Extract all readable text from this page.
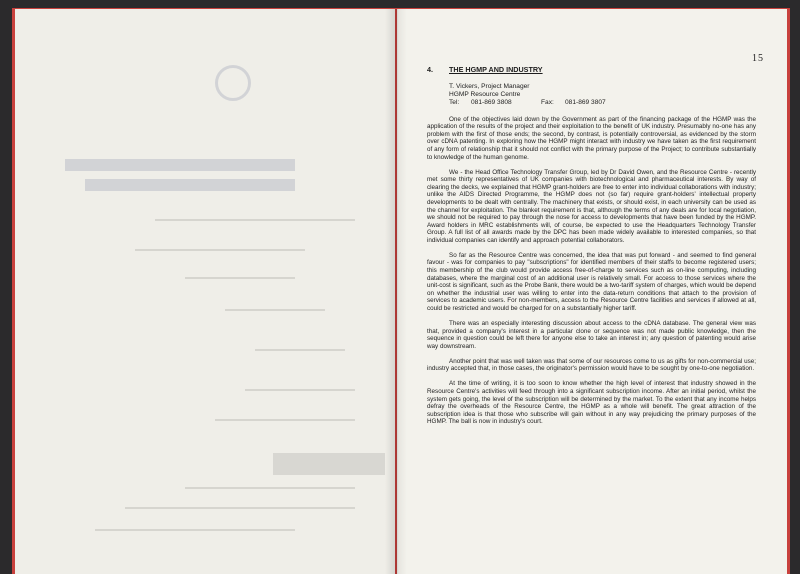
15
4.	THE HGMP AND INDUSTRY
T. Vickers, Project Manager
HGMP Resource Centre
Tel: 081-869 3808	Fax: 081-869 3807

One of the objectives laid down by the Government as part of the financing package of the HGMP was the application of the results of the project and their exploitation to the benefit of UK industry. Presumably no-one has any problem with the first of those ends; the second, by contrast, is potentially controversial, as evidenced by the storm over cDNA patenting. In exploring how the HGMP might interact with industry we have taken as the first requirement of any form of relationship that it should not conflict with the primary purpose of the Project; to contribute substantially to knowledge of the human genome.

We - the Head Office Technology Transfer Group, led by Dr David Owen, and the Resource Centre - recently met some thirty representatives of UK companies with biotechnological and pharmaceutical interests. By way of clearing the decks, we explained that HGMP grant-holders are free to enter into individual collaborations with industry; unlike the AIDS Directed Programme, the HGMP does not (so far) require grant-holders' intellectual property developments to be dealt with centrally. The machinery that exists, or should exist, in each university can be used as the channel for exploitation. The blanket requirement is that, although the terms of any deals are for local negotiation, we should not be required to pay through the nose for access to developments that have been funded by the HGMP. Award holders in MRC establishments will, of course, be expected to use the Headquarters Technology Transfer Group. A full list of all awards made by the DPC has been made widely available to interested companies, so that individual companies can identify and approach potential collaborators.

So far as the Resource Centre was concerned, the idea that was put forward - and seemed to find general favour - was for companies to pay "subscriptions" for identified members of their staffs to become registered users; this membership of the club would provide access free-of-charge to services such as on-line computing, including databases, where the marginal cost of an additional user is relatively small. For access to those services where the unit-cost is significant, such as the Probe Bank, there would be a two-tariff system of charges, which would be depend on whether the industrial user was willing to enter into the data-return conditions that attach to the provision of services to academic users. For non-members, access to the Resource Centre facilities and services if allowed at all, could be restricted and would be charged for on a substantially higher tariff.

There was an especially interesting discussion about access to the cDNA database. The general view was that, provided a company's interest in a particular clone or sequence was not made public knowledge, then the sequence in question could be left there for anyone else to take an interest in; any question of patenting would arise way downstream.

Another point that was well taken was that some of our resources come to us as gifts for non-commercial use; industry accepted that, in those cases, the originator's permission would have to be sought by one-to-one negotiation.

At the time of writing, it is too soon to know whether the high level of interest that industry showed in the Resource Centre's activities will feed through into a significant subscription income. After an initial period, whilst the system gets going, the level of the subscription will be determined by the market. To the extent that any income helps defray the overheads of the Resource Centre, the HGMP as a whole will benefit. The great attraction of the subscription idea is that those who subscribe will gain without in any way prejudicing the primary purposes of the HGMP. The ball is now in industry's court.
